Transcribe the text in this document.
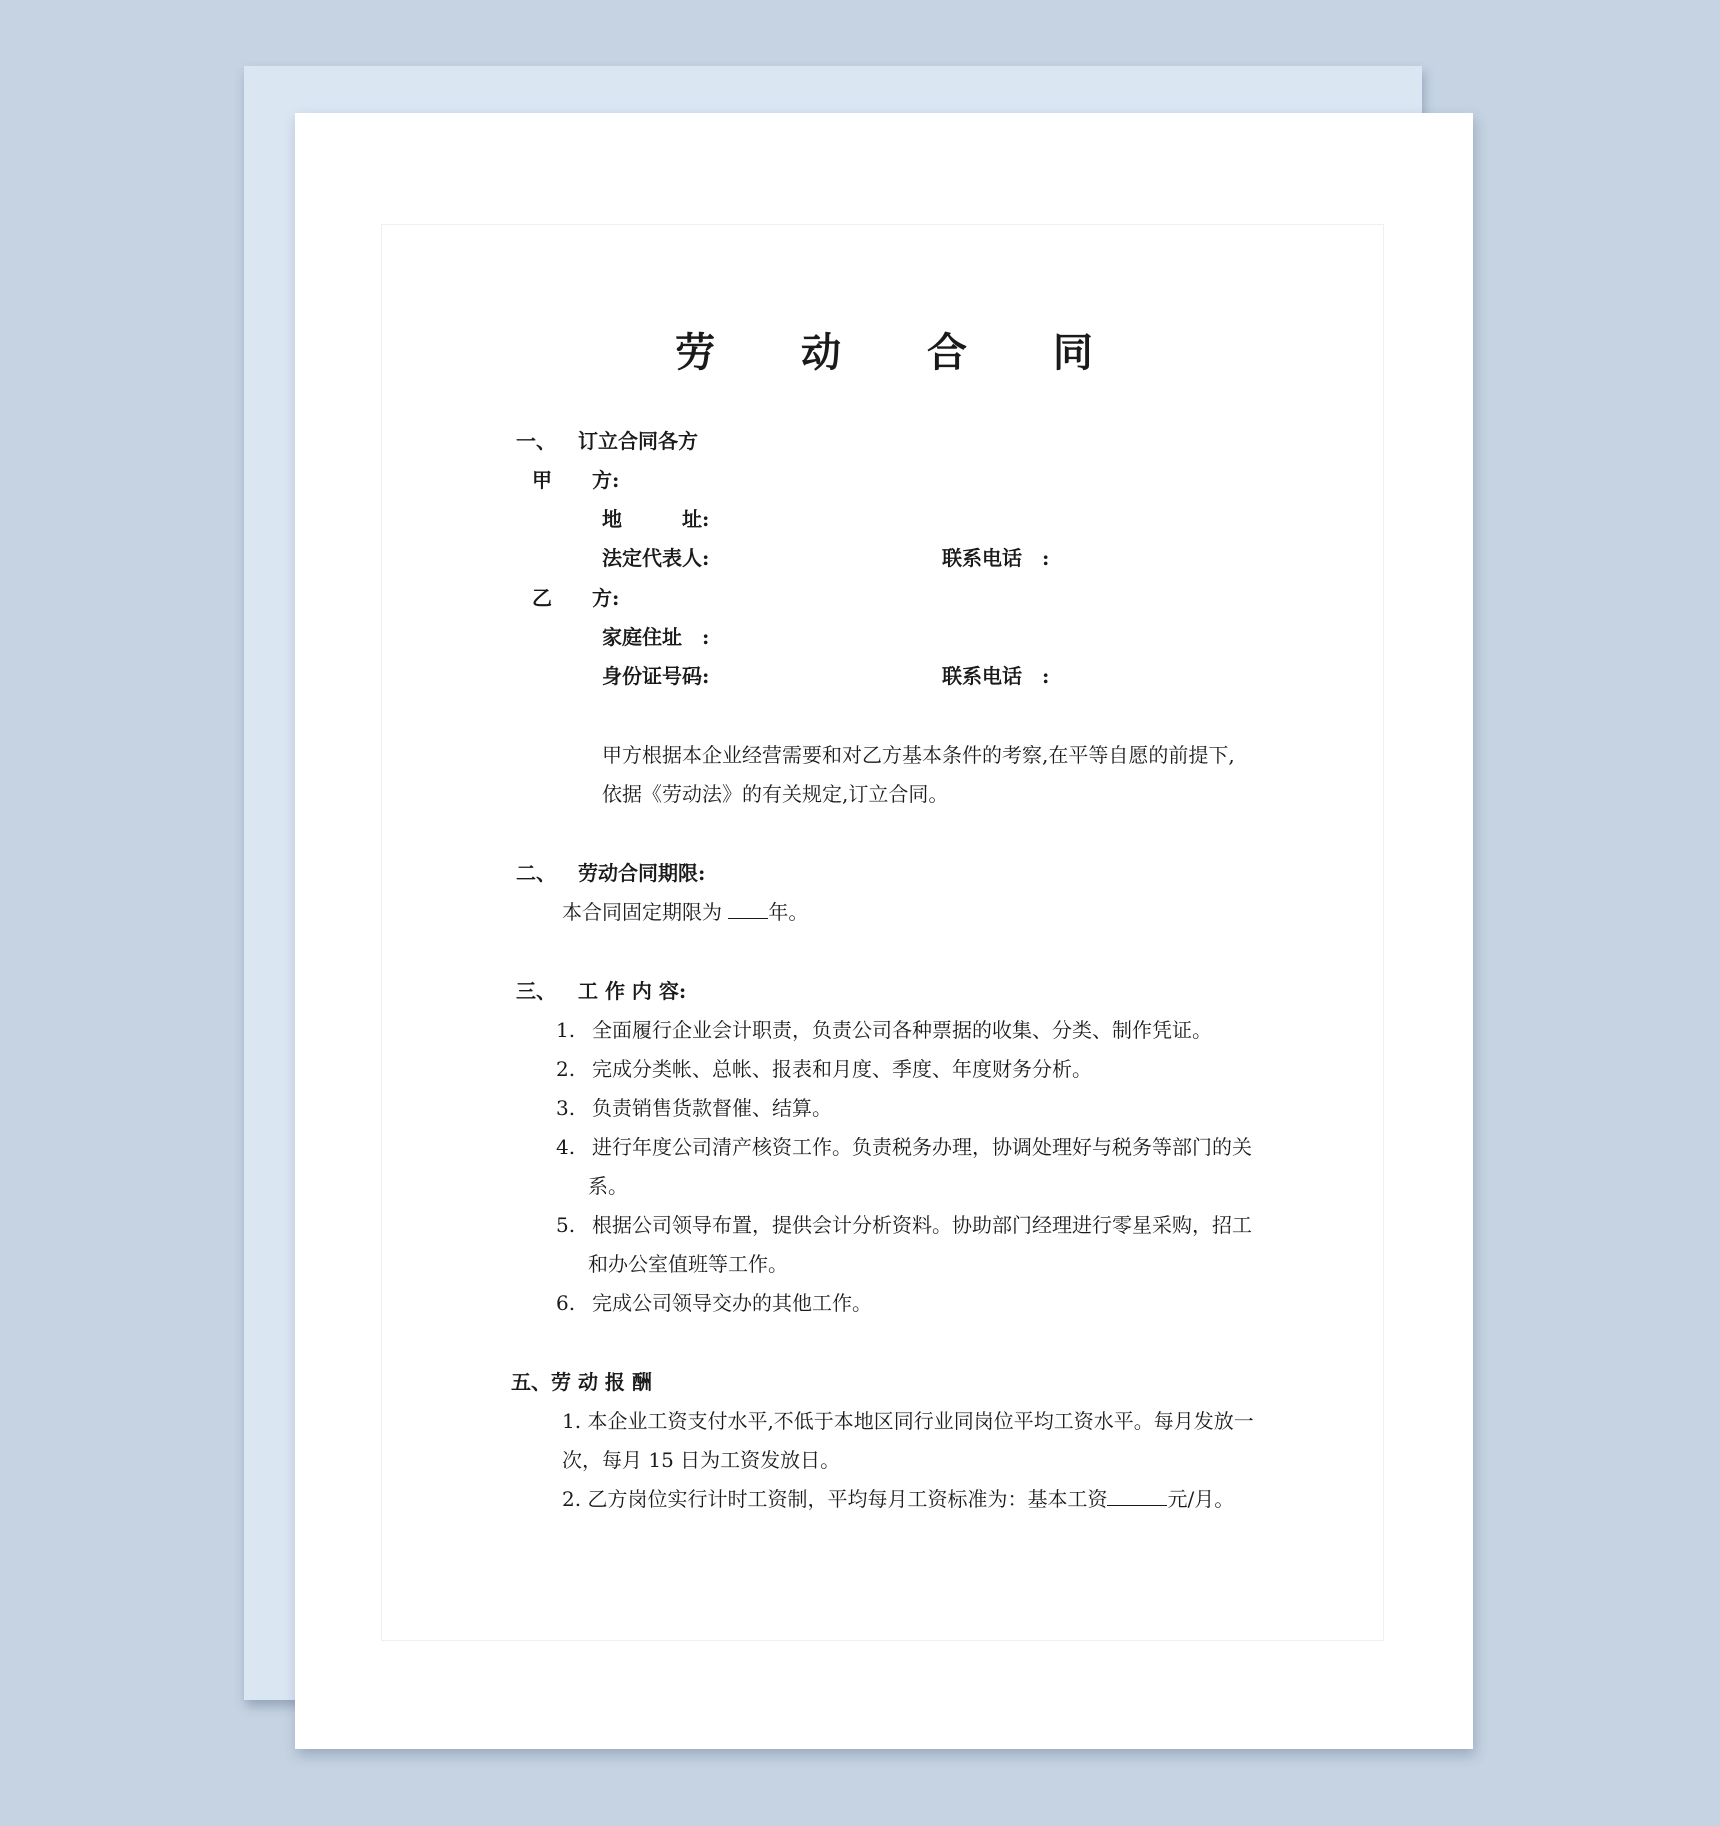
劳 动 合 同
一、 订立合同各方
甲　　方:
地　　　址:
法定代表人:	联系电话　:
乙　　方:
家庭住址　:
身份证号码:	联系电话　:
甲方根据本企业经营需要和对乙方基本条件的考察,在平等自愿的前提下,
依据《劳动法》的有关规定,订立合同。
二、 劳动合同期限:
本合同固定期限为 年。
三、 工 作 内 容:
1. 全面履行企业会计职责，负责公司各种票据的收集、分类、制作凭证。
2. 完成分类帐、总帐、报表和月度、季度、年度财务分析。
3. 负责销售货款督催、结算。
4. 进行年度公司清产核资工作。负责税务办理，协调处理好与税务等部门的关
系。
5. 根据公司领导布置，提供会计分析资料。协助部门经理进行零星采购，招工
和办公室值班等工作。
6. 完成公司领导交办的其他工作。
五、劳 动 报 酬
1. 本企业工资支付水平,不低于本地区同行业同岗位平均工资水平。每月发放一
次，每月 15 日为工资发放日。
2. 乙方岗位实行计时工资制，平均每月工资标准为：基本工资	元/月。
